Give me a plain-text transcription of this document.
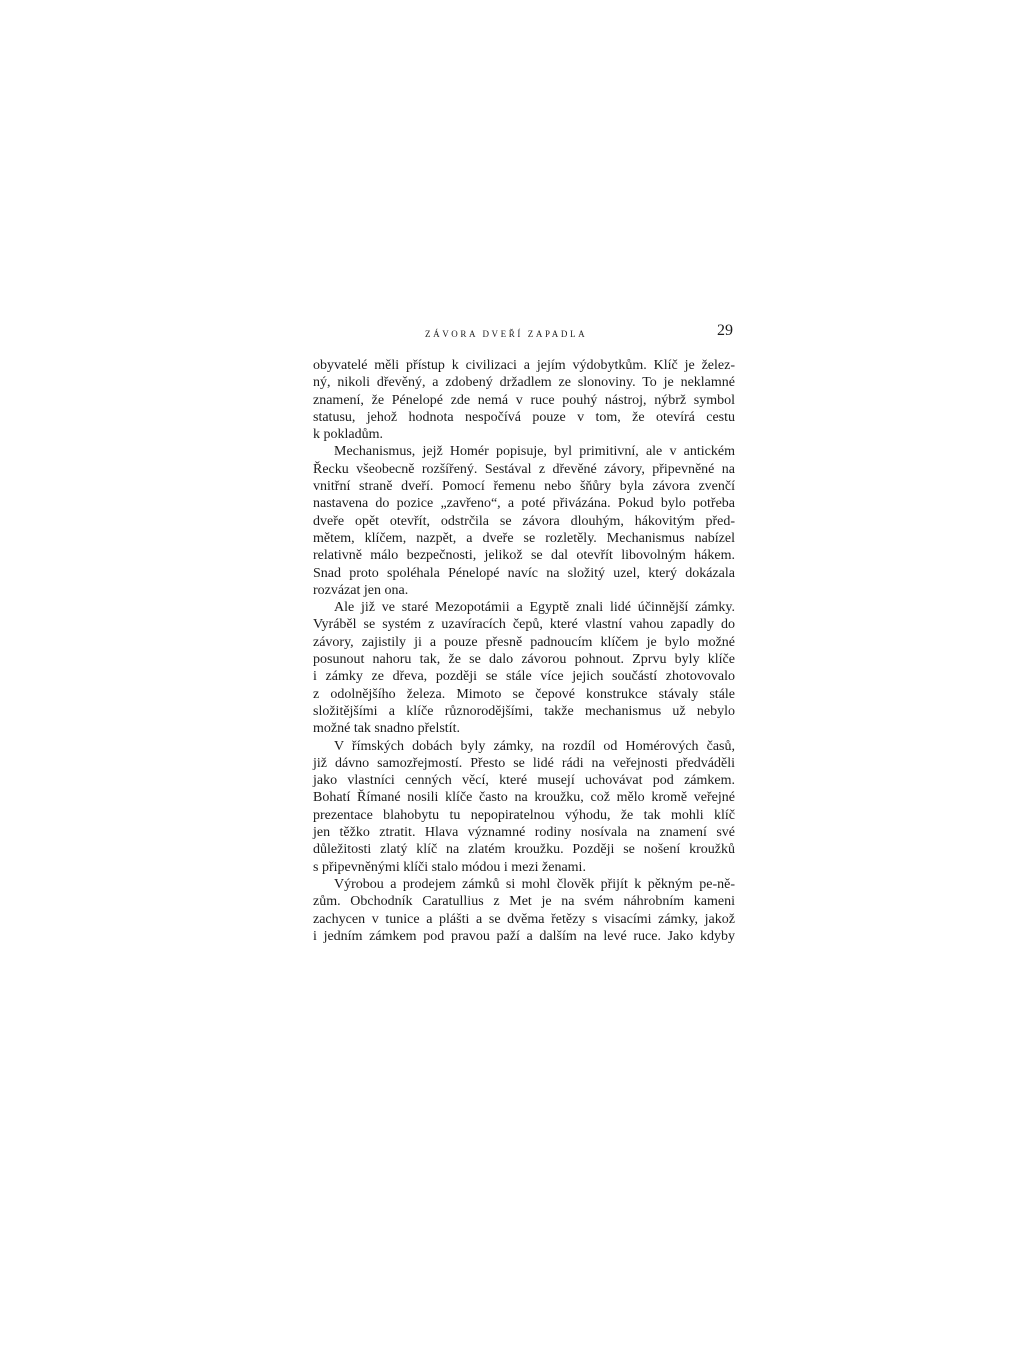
ZÁVORA DVEŘÍ ZAPADLA	29
obyvatelé měli přístup k civilizaci a jejím výdobytkům. Klíč je želez-
ný, nikoli dřevěný, a zdobený držadlem ze slonoviny. To je neklamné
znamení, že Pénelopé zde nemá v ruce pouhý nástroj, nýbrž symbol
statusu, jehož hodnota nespočívá pouze v tom, že otevírá cestu
k pokladům.
Mechanismus, jejž Homér popisuje, byl primitivní, ale v antickém
Řecku všeobecně rozšířený. Sestával z dřevěné závory, připevněné na
vnitřní straně dveří. Pomocí řemenu nebo šňůry byla závora zvenčí
nastavena do pozice „zavřeno“, a poté přivázána. Pokud bylo potřeba
dveře opět otevřít, odstrčila se závora dlouhým, hákovitým před-
mětem, klíčem, nazpět, a dveře se rozletěly. Mechanismus nabízel
relativně málo bezpečnosti, jelikož se dal otevřít libovolným hákem.
Snad proto spoléhala Pénelopé navíc na složitý uzel, který dokázala
rozvázat jen ona.
Ale již ve staré Mezopotámii a Egyptě znali lidé účinnější zámky.
Vyráběl se systém z uzavíracích čepů, které vlastní vahou zapadly do
závory, zajistily ji a pouze přesně padnoucím klíčem je bylo možné
posunout nahoru tak, že se dalo závorou pohnout. Zprvu byly klíče
i zámky ze dřeva, později se stále více jejich součástí zhotovovalo
z odolnějšího železa. Mimoto se čepové konstrukce stávaly stále
složitějšími a klíče různorodějšími, takže mechanismus už nebylo
možné tak snadno přelstít.
V římských dobách byly zámky, na rozdíl od Homérových časů,
již dávno samozřejmostí. Přesto se lidé rádi na veřejnosti předváděli
jako vlastníci cenných věcí, které musejí uchovávat pod zámkem.
Bohatí Římané nosili klíče často na kroužku, což mělo kromě veřejné
prezentace blahobytu tu nepopiratelnou výhodu, že tak mohli klíč
jen těžko ztratit. Hlava významné rodiny nosívala na znamení své
důležitosti zlatý klíč na zlatém kroužku. Později se nošení kroužků
s připevněnými klíči stalo módou i mezi ženami.
Výrobou a prodejem zámků si mohl člověk přijít k pěkným pe-ně-
zům. Obchodník Caratullius z Met je na svém náhrobním kameni
zachycen v tunice a plášti a se dvěma řetězy s visacími zámky, jakož
i jedním zámkem pod pravou paží a dalším na levé ruce. Jako kdyby
